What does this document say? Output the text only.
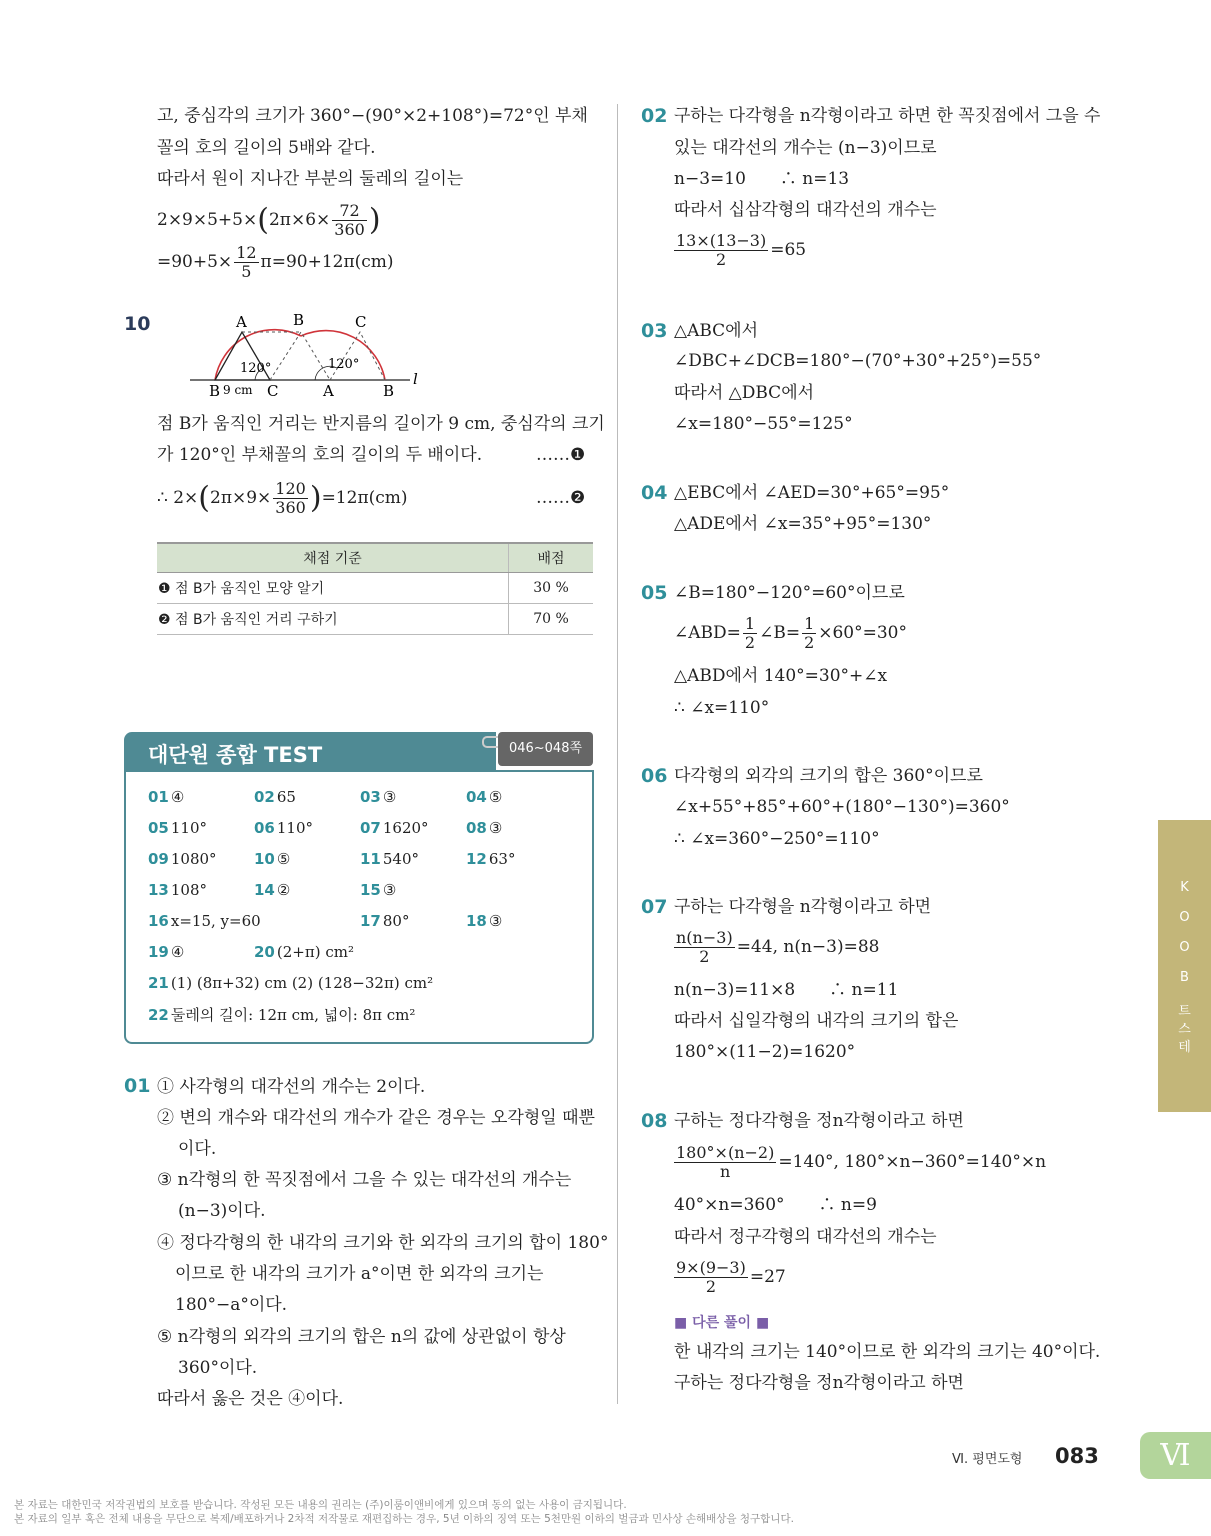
고, 중심각의 크기가 360°−(90°×2+108°)=72°인 부채
꼴의 호의 길이의 5배와 같다.
따라서 원이 지나간 부분의 둘레의 길이는
$2\times 9\times 5+5\times(2\pi\times 6\times \frac{72}{360}$ )
$=90+5\times \frac{12}{5} \pi=90+12\pi(cm)$
10	A	B	C
120°	120°
B 9 cm C	A	B
l
점 B가 움직인 거리는 반지름의 길이가 9 cm, 중심각의 크기
가 120°인 부채꼴의 호의 길이의 두 배이다.	……❶
∴ $2\times(2\pi\times 9\times \frac{120}{360} )=12\pi(cm)$	……❷
채점 기준	배점
❶ 점 B가 움직인 모양 알기	30 %
❷ 점 B가 움직인 거리 구하기	70 %
대단원 종합 TEST	046~048쪽
01 ④	02 65	03 ③	04 ⑤
05 110°	06 110°	07 1620° 08 ③
09 1080° 10 ⑤	11 540°	12 63°
13 108°	14 ②	15 ③
16 x=15, y=60	17 80°	18 ③
19 ④	20 (2+π) cm²
21 (1) (8π+32) cm (2) (128−32π) cm²
22 둘레의 길이: 12π cm, 넓이: 8π cm²
01 ① 사각형의 대각선의 개수는 2이다.
② 변의 개수와 대각선의 개수가 같은 경우는 오각형일 때뿐
이다.
③ n각형의 한 꼭짓점에서 그을 수 있는 대각선의 개수는
(n−3)이다.
④ 정다각형의 한 내각의 크기와 한 외각의 크기의 합이 180°
이므로 한 내각의 크기가 a°이면 한 외각의 크기는
180°−a°이다.
⑤ n각형의 외각의 크기의 합은 n의 값에 상관없이 항상
360°이다.
따라서 옳은 것은 ④이다.
02 구하는 다각형을 n각형이라고 하면 한 꼭짓점에서 그을 수
있는 대각선의 개수는 (n−3)이므로
n−3=10　　∴ n=13
따라서 십삼각형의 대각선의 개수는
$\frac{13\times(13-3)}{2} =65$
03 △ABC에서
∠DBC+∠DCB=180°−(70°+30°+25°)=55°
따라서 △DBC에서
∠x=180°−55°=125°
04 △EBC에서 ∠AED=30°+65°=95°
△ADE에서 ∠x=35°+95°=130°
05 ∠B=180°−120°=60°이므로
∠ABD= $\frac{1}{2}$ ∠B= $\frac{1}{2} \times 60^\circ=30^\circ$
△ABD에서 140°=30°+∠x
∴ ∠x=110°
06 다각형의 외각의 크기의 합은 360°이므로
∠x+55°+85°+60°+(180°−130°)=360°
∴ ∠x=360°−250°=110°
07 구하는 다각형을 n각형이라고 하면
$\frac{n(n-3)}{2} =44$, n(n−3)=88
n(n−3)=11×8　　∴ n=11
따라서 십일각형의 내각의 크기의 합은
180°×(11−2)=1620°
08 구하는 정다각형을 정n각형이라고 하면
$\frac{180^\circ\times(n-2)}{n} =140^\circ$, 180°×n−360°=140°×n
40°×n=360°　　∴ n=9
따라서 정구각형의 대각선의 개수는
$\frac{9\times(9-3)}{2} =27$
■ 다른 풀이 ■
한 내각의 크기는 140°이므로 한 외각의 크기는 40°이다.
구하는 정다각형을 정n각형이라고 하면
K
O
O
B
트
스
테
Ⅵ. 평면도형 083	Ⅵ
본 자료는 대한민국 저작권법의 보호를 받습니다. 작성된 모든 내용의 권리는 (주)이룸이앤비에게 있으며 동의 없는 사용이 금지됩니다.
본 자료의 일부 혹은 전체 내용을 무단으로 복제/배포하거나 2차적 저작물로 재편집하는 경우, 5년 이하의 징역 또는 5천만원 이하의 벌금과 민사상 손해배상을 청구합니다.
